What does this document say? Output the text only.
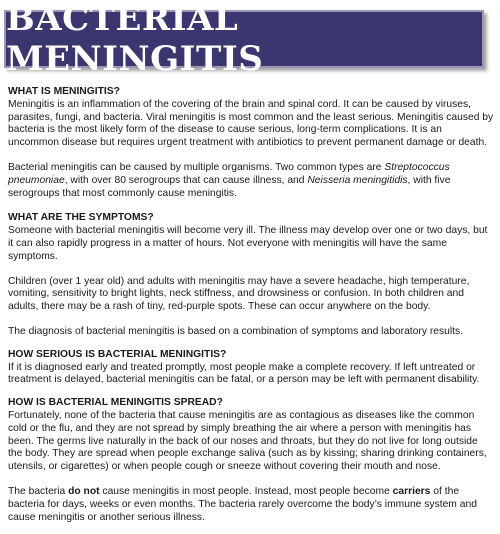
BACTERIAL MENINGITIS
WHAT IS MENINGITIS?

Meningitis is an inflammation of the covering of the brain and spinal cord. It can be caused by viruses, parasites, fungi, and bacteria. Viral meningitis is most common and the least serious. Meningitis caused by bacteria is the most likely form of the disease to cause serious, long-term complications. It is an uncommon disease but requires urgent treatment with antibiotics to prevent permanent damage or death.

Bacterial meningitis can be caused by multiple organisms. Two common types are Streptococcus pneumoniae, with over 80 serogroups that can cause illness, and Neisseria meningitidis, with five serogroups that most commonly cause meningitis.

WHAT ARE THE SYMPTOMS?

Someone with bacterial meningitis will become very ill. The illness may develop over one or two days, but it can also rapidly progress in a matter of hours. Not everyone with meningitis will have the same symptoms.

Children (over 1 year old) and adults with meningitis may have a severe headache, high temperature, vomiting, sensitivity to bright lights, neck stiffness, and drowsiness or confusion. In both children and adults, there may be a rash of tiny, red-purple spots. These can occur anywhere on the body.

The diagnosis of bacterial meningitis is based on a combination of symptoms and laboratory results.

HOW SERIOUS IS BACTERIAL MENINGITIS?

If it is diagnosed early and treated promptly, most people make a complete recovery. If left untreated or treatment is delayed, bacterial meningitis can be fatal, or a person may be left with permanent disability.

HOW IS BACTERIAL MENINGITIS SPREAD?

Fortunately, none of the bacteria that cause meningitis are as contagious as diseases like the common cold or the flu, and they are not spread by simply breathing the air where a person with meningitis has been. The germs live naturally in the back of our noses and throats, but they do not live for long outside the body. They are spread when people exchange saliva (such as by kissing; sharing drinking containers, utensils, or cigarettes) or when people cough or sneeze without covering their mouth and nose.

The bacteria do not cause meningitis in most people. Instead, most people become carriers of the bacteria for days, weeks or even months. The bacteria rarely overcome the body’s immune system and cause meningitis or another serious illness.
